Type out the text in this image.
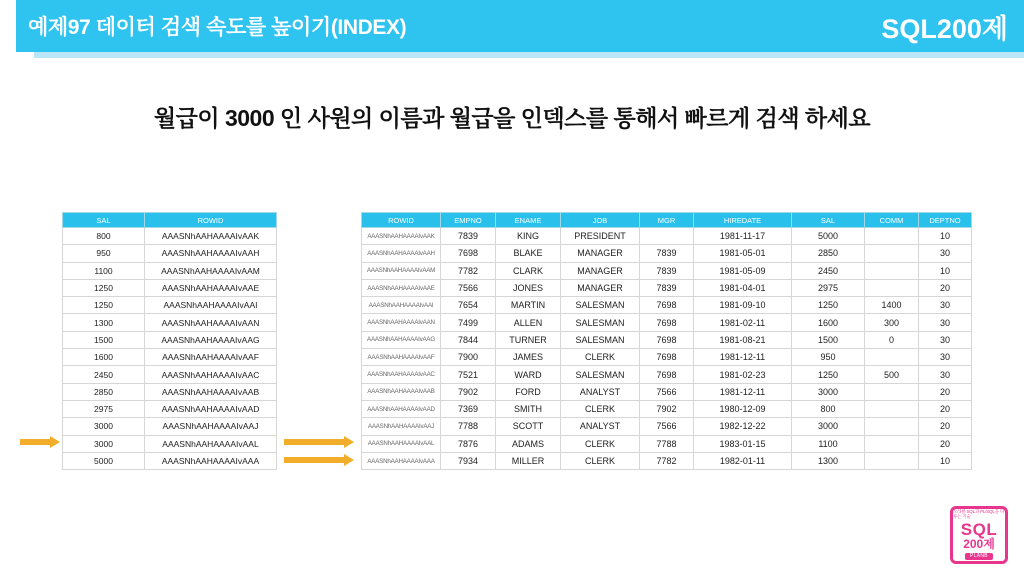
예제97 데이터 검색 속도를 높이기(INDEX)	SQL200제
월급이 3000 인 사원의 이름과 월급을 인덱스를 통해서 빠르게 검색 하세요
SAL	ROWID
800	AAASNhAAHAAAAIvAAK
950	AAASNhAAHAAAAIvAAH
1100	AAASNhAAHAAAAIvAAM
1250	AAASNhAAHAAAAIvAAE
1250	AAASNhAAHAAAAIvAAI
1300	AAASNhAAHAAAAIvAAN
1500	AAASNhAAHAAAAIvAAG
1600	AAASNhAAHAAAAIvAAF
2450	AAASNhAAHAAAAIvAAC
2850	AAASNhAAHAAAAIvAAB
2975	AAASNhAAHAAAAIvAAD
3000	AAASNhAAHAAAAIvAAJ
3000	AAASNhAAHAAAAIvAAL
5000	AAASNhAAHAAAAIvAAA
ROWID	EMPNO	ENAME	JOB	MGR	HIREDATE	SAL	COMM	DEPTNO
AAASNhAAHAAAAIvAAK	7839	KING	PRESIDENT		1981-11-17	5000		10
AAASNhAAHAAAAIvAAH	7698	BLAKE	MANAGER	7839	1981-05-01	2850		30
AAASNhAAHAAAAIvAAM	7782	CLARK	MANAGER	7839	1981-05-09	2450		10
AAASNhAAHAAAAIvAAE	7566	JONES	MANAGER	7839	1981-04-01	2975		20
AAASNhAAHAAAAIvAAI	7654	MARTIN	SALESMAN	7698	1981-09-10	1250	1400	30
AAASNhAAHAAAAIvAAN	7499	ALLEN	SALESMAN	7698	1981-02-11	1600	300	30
AAASNhAAHAAAAIvAAG	7844	TURNER	SALESMAN	7698	1981-08-21	1500	0	30
AAASNhAAHAAAAIvAAF	7900	JAMES	CLERK	7698	1981-12-11	950		30
AAASNhAAHAAAAIvAAC	7521	WARD	SALESMAN	7698	1981-02-23	1250	500	30
AAASNhAAHAAAAIvAAB	7902	FORD	ANALYST	7566	1981-12-11	3000		20
AAASNhAAHAAAAIvAAD	7369	SMITH	CLERK	7902	1980-12-09	800		20
AAASNhAAHAAAAIvAAJ	7788	SCOTT	ANALYST	7566	1982-12-22	3000		20
AAASNhAAHAAAAIvAAL	7876	ADAMS	CLERK	7788	1983-01-15	1100		20
AAASNhAAHAAAAIvAAA	7934	MILLER	CLERK	7782	1982-01-11	1300		10
오라클 SQL과 PL/SQL을 다루는 기술
SQL
200제
PLANB
